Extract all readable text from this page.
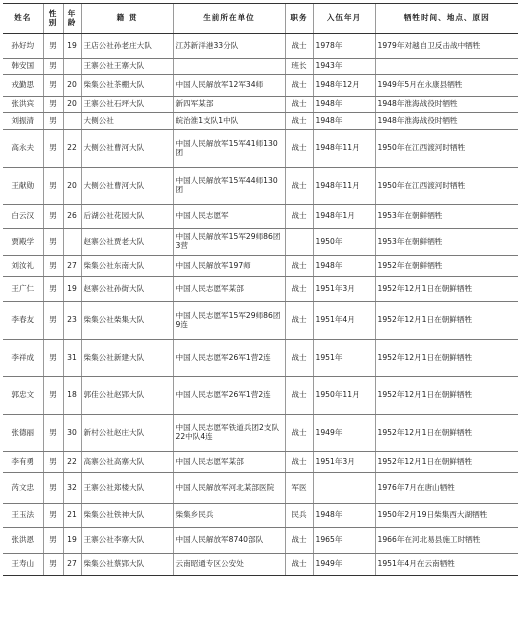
姓名	性别	年龄	籍 贯	生前所在单位	职务	入伍年月	牺牲时间、地点、原因
孙好均	男	19	王店公社孙老庄大队	江苏新洋港33分队	战士	1978年	1979年对越自卫反击战中牺牲
韩安国	男		王寨公社王寨大队		班长	1943年	
戎勤思	男	20	柴集公社茶棚大队	中国人民解放军12军34师	战士	1948年12月	1949年5月在永康县牺牲
张洪宾	男	20	王寨公社石坪大队	新四军某部	战士	1948年	1948年淮海战役时牺牲
刘振清	男		大侧公社	皖治淮1支队1中队	战士	1948年	1948年淮海战役时牺牲
高永夫	男	22	大侧公社曹河大队	中国人民解放军15军41师130团	战士	1948年11月	1950年在江西渡河时牺牲
王献勋	男	20	大侧公社曹河大队	中国人民解放军15军44师130团	战士	1948年11月	1950年在江西渡河时牺牲
白云汉	男	26	后湖公社花园大队	中国人民志愿军	战士	1948年1月	1953年在朝鲜牺牲
贾殿学	男		赵寨公社贾老大队	中国人民解放军15军29师86团3营		1950年	1953年在朝鲜牺牲
刘汝礼	男	27	柴集公社东南大队	中国人民解放军197师	战士	1948年	1952年在朝鲜牺牲
王广仁	男	19	赵寨公社孙街大队	中国人民志愿军某部	战士	1951年3月	1952年12月1日在朝鲜牺牲
李春友	男	23	柴集公社柴集大队	中国人民志愿军15军29师86团9连	战士	1951年4月	1952年12月1日在朝鲜牺牲
李祥成	男	31	柴集公社新建大队	中国人民志愿军26军1营2连	战士	1951年	1952年12月1日在朝鲜牺牲
郭忠文	男	18	郭佳公社赵郢大队	中国人民志愿军26军1营2连	战士	1950年11月	1952年12月1日在朝鲜牺牲
张德丽	男	30	新村公社赵庄大队	中国人民志愿军铁道兵团2支队22中队4连	战士	1949年	1952年12月1日在朝鲜牺牲
李有勇	男	22	高寨公社高寨大队	中国人民志愿军某部	战士	1951年3月	1952年12月1日在朝鲜牺牲
芮文忠	男	32	王寨公社郑楼大队	中国人民解放军河北某部医院	军医		1976年7月在唐山牺牲
王玉法	男	21	柴集公社铁神大队	柴集乡民兵	民兵	1948年	1950年2月19日柴集西大湖牺牲
张洪恩	男	19	王寨公社李寨大队	中国人民解放军8740部队	战士	1965年	1966年在河北易县施工时牺牲
王寿山	男	27	柴集公社蔡郢大队	云南昭通专区公安处	战士	1949年	1951年4月在云南牺牲
